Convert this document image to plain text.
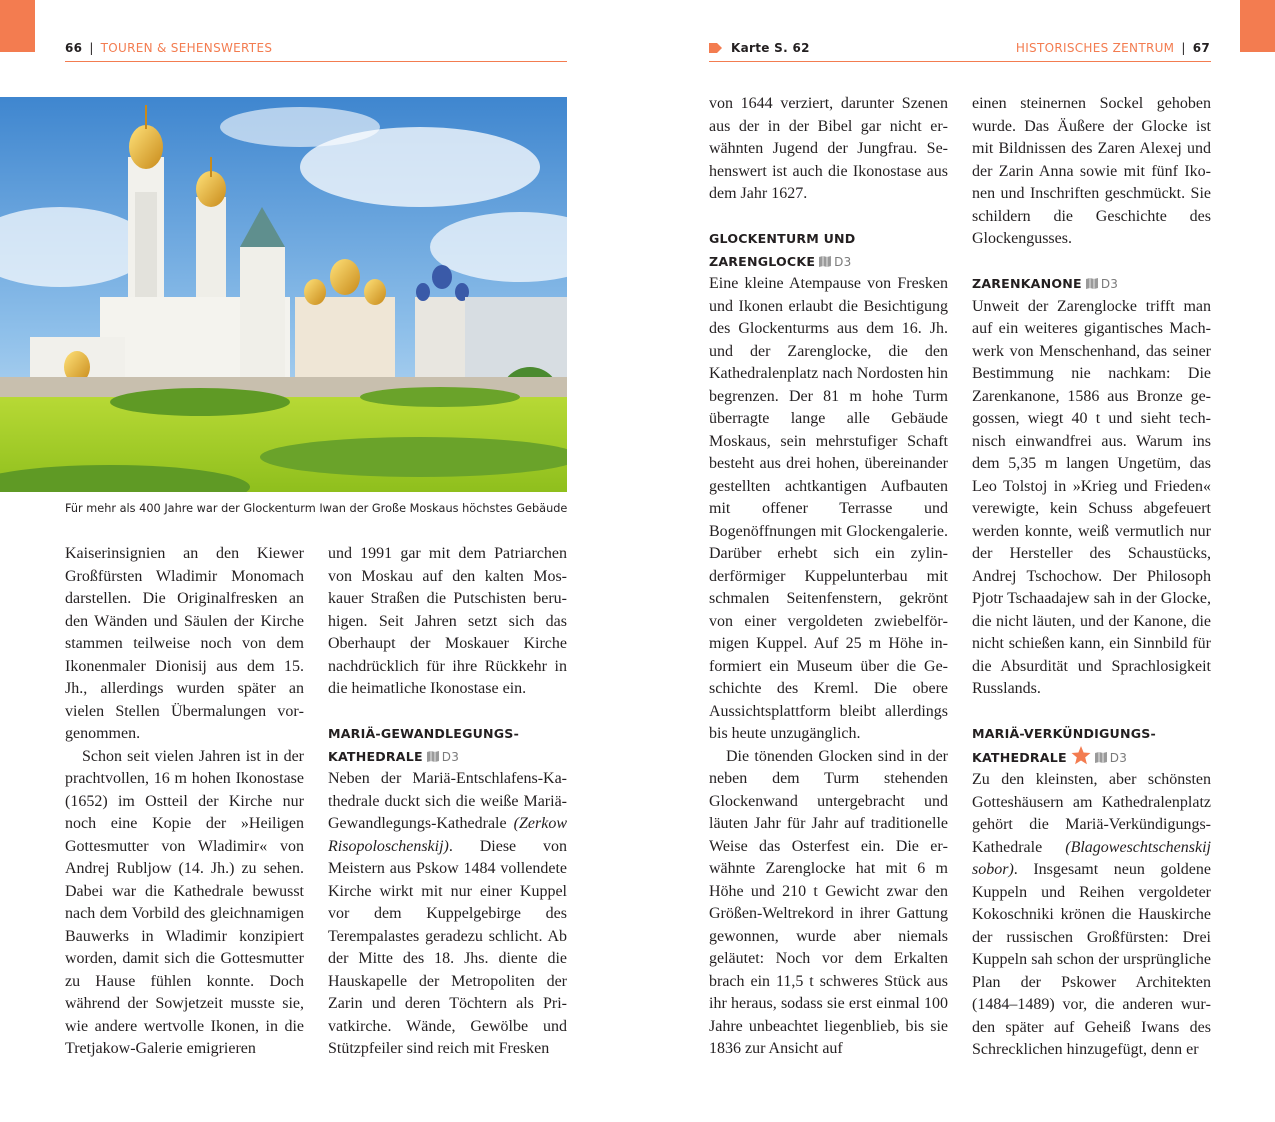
66 | TOUREN & SEHENSWERTES	Karte S. 62	HISTORISCHES ZENTRUM | 67
Für mehr als 400 Jahre war der Glockenturm Iwan der Große Moskaus höchstes Gebäude

Kaiserinsignien an den Kiewer Großfürsten Wladimir Monomach darstellen. Die Originalfresken an den Wänden und Säulen der Kirche stammen teilweise noch von dem Ikonenmaler Dionisij aus dem 15. Jh., allerdings wurden später an vielen Stellen Übermalungen vorgenommen.

Schon seit vielen Jahren ist in der prachtvollen, 16 m hohen Ikonostase (1652) im Ostteil der Kirche nur noch eine Kopie der »Heiligen Gottesmutter von Wladimir« von Andrej Rubljow (14. Jh.) zu sehen. Dabei war die Kathedrale bewusst nach dem Vorbild des gleichnamigen Bauwerks in Wladimir konzipiert worden, damit sich die Gottesmutter zu Hause fühlen konnte. Doch während der Sowjetzeit musste sie, wie andere wertvolle Ikonen, in die Tretjakow-Galerie emigrieren

und 1991 gar mit dem Patriarchen von Moskau auf den kalten Moskauer Straßen die Putschisten beruhigen. Seit Jahren setzt sich das Oberhaupt der Moskauer Kirche nachdrücklich für ihre Rückkehr in die heimatliche Ikonostase ein.

MARIÄ-GEWANDLEGUNGS-
KATHEDRALE D3

Neben der Mariä-Entschlafens-Kathedrale duckt sich die weiße Mariä-Gewandlegungs-Kathedrale (Zerkow Risopoloschenskij). Diese von Meistern aus Pskow 1484 vollendete Kirche wirkt mit nur einer Kuppel vor dem Kuppelgebirge des Terempalastes geradezu schlicht. Ab der Mitte des 18. Jhs. diente die Hauskapelle der Metropoliten der Zarin und deren Töchtern als Privatkirche. Wände, Gewölbe und Stützpfeiler sind reich mit Fresken

von 1644 verziert, darunter Szenen aus der in der Bibel gar nicht erwähnten Jugend der Jungfrau. Sehenswert ist auch die Ikonostase aus dem Jahr 1627.

GLOCKENTURM UND
ZARENGLOCKE D3

Eine kleine Atempause von Fresken und Ikonen erlaubt die Besichtigung des Glockenturms aus dem 16. Jh. und der Zarenglocke, die den Kathedralenplatz nach Nordosten hin begrenzen. Der 81 m hohe Turm überragte lange alle Gebäude Moskaus, sein mehrstufiger Schaft besteht aus drei hohen, übereinander gestellten achtkantigen Aufbauten mit offener Terrasse und Bogenöffnungen mit Glockengalerie. Darüber erhebt sich ein zylinderförmiger Kuppelunterbau mit schmalen Seitenfenstern, gekrönt von einer vergoldeten zwiebelförmigen Kuppel. Auf 25 m Höhe informiert ein Museum über die Geschichte des Kreml. Die obere Aussichtsplattform bleibt allerdings bis heute unzugänglich.

Die tönenden Glocken sind in der neben dem Turm stehenden Glockenwand untergebracht und läuten Jahr für Jahr auf traditionelle Weise das Osterfest ein. Die erwähnte Zarenglocke hat mit 6 m Höhe und 210 t Gewicht zwar den Größen-Weltrekord in ihrer Gattung gewonnen, wurde aber niemals geläutet: Noch vor dem Erkalten brach ein 11,5 t schweres Stück aus ihr heraus, sodass sie erst einmal 100 Jahre unbeachtet liegenblieb, bis sie 1836 zur Ansicht auf

einen steinernen Sockel gehoben wurde. Das Äußere der Glocke ist mit Bildnissen des Zaren Alexej und der Zarin Anna sowie mit fünf Ikonen und Inschriften geschmückt. Sie schildern die Geschichte des Glockengusses.

ZARENKANONE D3

Unweit der Zarenglocke trifft man auf ein weiteres gigantisches Machwerk von Menschenhand, das seiner Bestimmung nie nachkam: Die Zarenkanone, 1586 aus Bronze gegossen, wiegt 40 t und sieht technisch einwandfrei aus. Warum ins dem 5,35 m langen Ungetüm, das Leo Tolstoj in »Krieg und Frieden« verewigte, kein Schuss abgefeuert werden konnte, weiß vermutlich nur der Hersteller des Schaustücks, Andrej Tschochow. Der Philosoph Pjotr Tschaadajew sah in der Glocke, die nicht läuten, und der Kanone, die nicht schießen kann, ein Sinnbild für die Absurdität und Sprachlosigkeit Russlands.

MARIÄ-VERKÜNDIGUNGS-
KATHEDRALE	D3

Zu den kleinsten, aber schönsten Gotteshäusern am Kathedralenplatz gehört die Mariä-Verkündigungs-Kathedrale (Blagoweschtschenskij sobor). Insgesamt neun goldene Kuppeln und Reihen vergoldeter Kokoschniki krönen die Hauskirche der russischen Großfürsten: Drei Kuppeln sah schon der ursprüngliche Plan der Pskower Architekten (1484–1489) vor, die anderen wurden später auf Geheiß Iwans des Schrecklichen hinzugefügt, denn er
